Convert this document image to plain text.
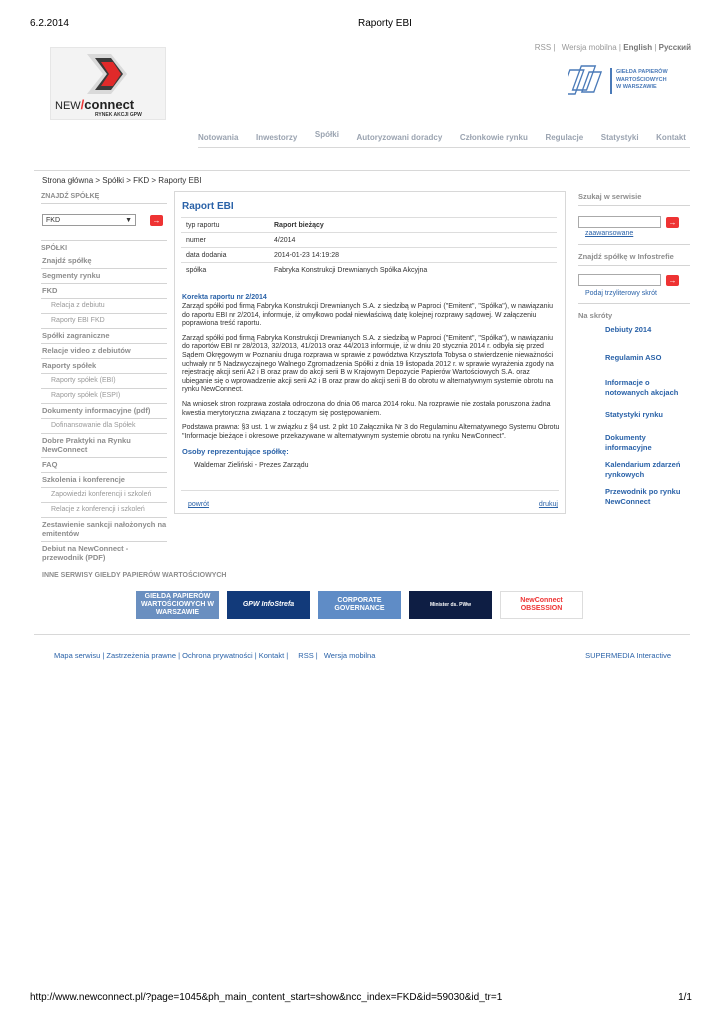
6.2.2014	Raporty EBI
RSS | Wersja mobilna | English | Русский
NEW/connect
RYNEK AKCJI GPW
GIEŁDA PAPIERÓW
WARTOŚCIOWYCH
W WARSZAWIE
Notowania Inwestorzy Spółki Autoryzowani doradcy Członkowie rynku Regulacje Statystyki Kontakt
Strona główna > Spółki > FKD > Raporty EBI
ZNAJDŹ SPÓŁKĘ
FKD	▼	→
SPÓŁKI
Znajdź spółkę
Segmenty rynku
FKD
Relacja z debiutu
Raporty EBI FKD
Spółki zagraniczne
Relacje video z debiutów
Raporty spółek
Raporty spółek (EBI)
Raporty spółek (ESPI)
Dokumenty informacyjne (pdf)
Dofinansowanie dla Spółek
Dobre Praktyki na Rynku NewConnect
FAQ
Szkolenia i konferencje
Zapowiedzi konferencji i szkoleń
Relacje z konferencji i szkoleń
Zestawienie sankcji nałożonych na emitentów
Debiut na NewConnect - przewodnik (PDF)
Raport EBI
typ raportu	Raport bieżący
numer	4/2014
data dodania	2014-01-23 14:19:28
spółka	Fabryka Konstrukcji Drewnianych Spółka Akcyjna
Korekta raportu nr 2/2014

Zarząd spółki pod firmą Fabryka Konstrukcji Drewnianych S.A. z siedzibą w Paproci ("Emitent", "Spółka"), w nawiązaniu do raportu EBI nr 2/2014, informuje, iż omyłkowo podał niewłaściwą datę kolejnej rozprawy sądowej. W załączeniu poprawiona treść raportu.

Zarząd spółki pod firmą Fabryka Konstrukcji Drewnianych S.A. z siedzibą w Paproci ("Emitent", "Spółka"), w nawiązaniu do raportów EBI nr 28/2013, 32/2013, 41/2013 oraz 44/2013 informuje, iż w dniu 20 stycznia 2014 r. odbyła się przed Sądem Okręgowym w Poznaniu druga rozprawa w sprawie z powództwa Krzysztofa Tobysa o stwierdzenie nieważności uchwały nr 5 Nadzwyczajnego Walnego Zgromadzenia Spółki z dnia 19 listopada 2012 r. w sprawie wyrażenia zgody na rejestrację akcji serii A2 i B oraz praw do akcji serii B w Krajowym Depozycie Papierów Wartościowych S.A. oraz ubieganie się o wprowadzenie akcji serii A2 i B oraz praw do akcji serii B do obrotu w alternatywnym systemie obrotu na rynku NewConnect.

Na wniosek stron rozprawa została odroczona do dnia 06 marca 2014 roku. Na rozprawie nie została poruszona żadna kwestia merytoryczna związana z toczącym się postępowaniem.

Podstawa prawna: §3 ust. 1 w związku z §4 ust. 2 pkt 10 Załącznika Nr 3 do Regulaminu Alternatywnego Systemu Obrotu "Informacje bieżące i okresowe przekazywane w alternatywnym systemie obrotu na rynku NewConnect".

Osoby reprezentujące spółkę:
Waldemar Zieliński - Prezes Zarządu
powrót	drukuj
Szukaj w serwisie
→
zaawansowane
Znajdź spółkę w Infostrefie
→
Podaj trzyliterowy skrót
Na skróty
Debiuty 2014
Regulamin ASO
Informacje o notowanych akcjach
Statystyki rynku
Dokumenty informacyjne
Kalendarium zdarzeń rynkowych
Przewodnik po rynku NewConnect
INNE SERWISY GIEŁDY PAPIERÓW WARTOŚCIOWYCH
GIEŁDA PAPIERÓW WARTOŚCIOWYCH W WARSZAWIE
GPW InfoStrefa
CORPORATE GOVERNANCE	Minister ds. PWw
NewConnect OBSESSION
Mapa serwisu | Zastrzeżenia prawne | Ochrona prywatności | Kontakt | RSS | Wersja mobilna	SUPERMEDIA Interactive
http://www.newconnect.pl/?page=1045&ph_main_content_start=show&ncc_index=FKD&id=59030&id_tr=1	1/1
